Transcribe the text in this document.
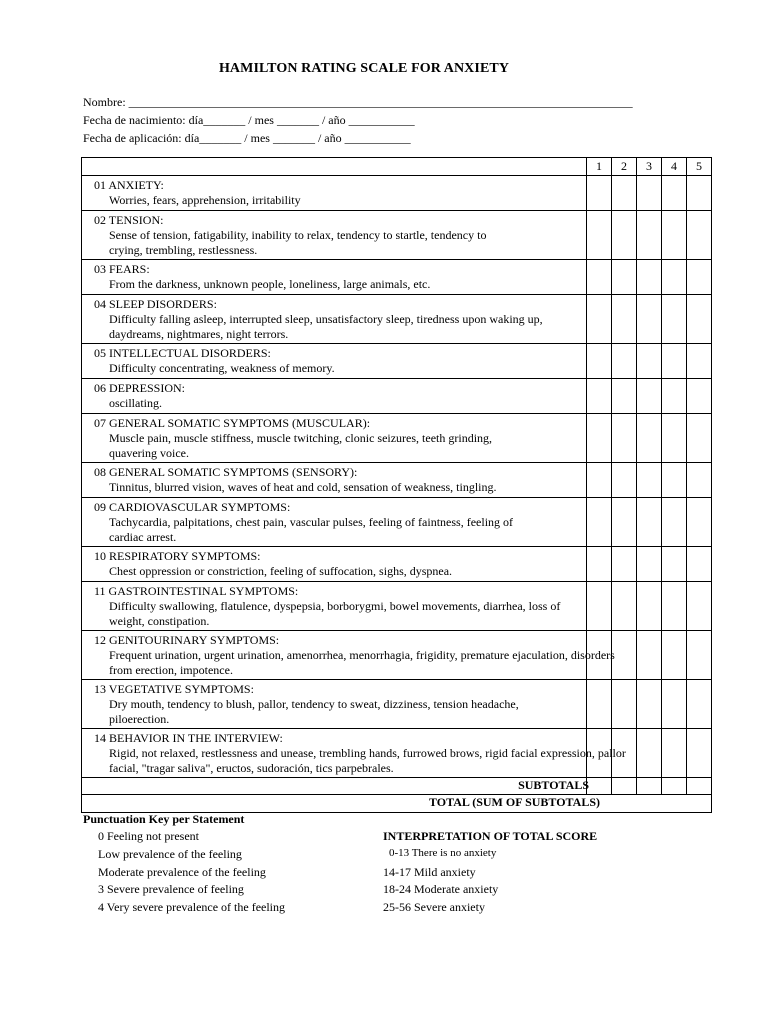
HAMILTON RATING SCALE FOR ANXIETY
Nombre: ____________________________________________________________________________________
Fecha de nacimiento: día_______ / mes _______ / año ___________
Fecha de aplicación: día_______ / mes _______ / año ___________
	1	2	3	4	5

01 ANXIETY:
Worries, fears, apprehension, irritability					

02 TENSION:
Sense of tension, fatigability, inability to relax, tendency to startle, tendency to
crying, trembling, restlessness.					

03 FEARS:
From the darkness, unknown people, loneliness, large animals, etc.					

04 SLEEP DISORDERS:
Difficulty falling asleep, interrupted sleep, unsatisfactory sleep, tiredness upon waking up,
daydreams, nightmares, night terrors.					

05 INTELLECTUAL DISORDERS:
Difficulty concentrating, weakness of memory.					

06 DEPRESSION:
oscillating.					

07 GENERAL SOMATIC SYMPTOMS (MUSCULAR):
Muscle pain, muscle stiffness, muscle twitching, clonic seizures, teeth grinding,
quavering voice.					

08 GENERAL SOMATIC SYMPTOMS (SENSORY):
Tinnitus, blurred vision, waves of heat and cold, sensation of weakness, tingling.					

09 CARDIOVASCULAR SYMPTOMS:
Tachycardia, palpitations, chest pain, vascular pulses, feeling of faintness, feeling of
cardiac arrest.					

10 RESPIRATORY SYMPTOMS:
Chest oppression or constriction, feeling of suffocation, sighs, dyspnea.					

11 GASTROINTESTINAL SYMPTOMS:
Difficulty swallowing, flatulence, dyspepsia, borborygmi, bowel movements, diarrhea, loss of
weight, constipation.					

12 GENITOURINARY SYMPTOMS:
Frequent urination, urgent urination, amenorrhea, menorrhagia, frigidity, premature ejaculation, disorders
from erection, impotence.					

13 VEGETATIVE SYMPTOMS:
Dry mouth, tendency to blush, pallor, tendency to sweat, dizziness, tension headache,
piloerection.					

14 BEHAVIOR IN THE INTERVIEW:
Rigid, not relaxed, restlessness and unease, trembling hands, furrowed brows, rigid facial expression, pallor
facial, "tragar saliva", eructos, sudoración, tics parpebrales.					

SUBTOTALS					

TOTAL (SUM OF SUBTOTALS)					
Punctuation Key per Statement
0 Feeling not present
Low prevalence of the feeling
Moderate prevalence of the feeling
3 Severe prevalence of feeling
4 Very severe prevalence of the feeling
INTERPRETATION OF TOTAL SCORE
0-13 There is no anxiety
14-17 Mild anxiety
18-24 Moderate anxiety
25-56 Severe anxiety
